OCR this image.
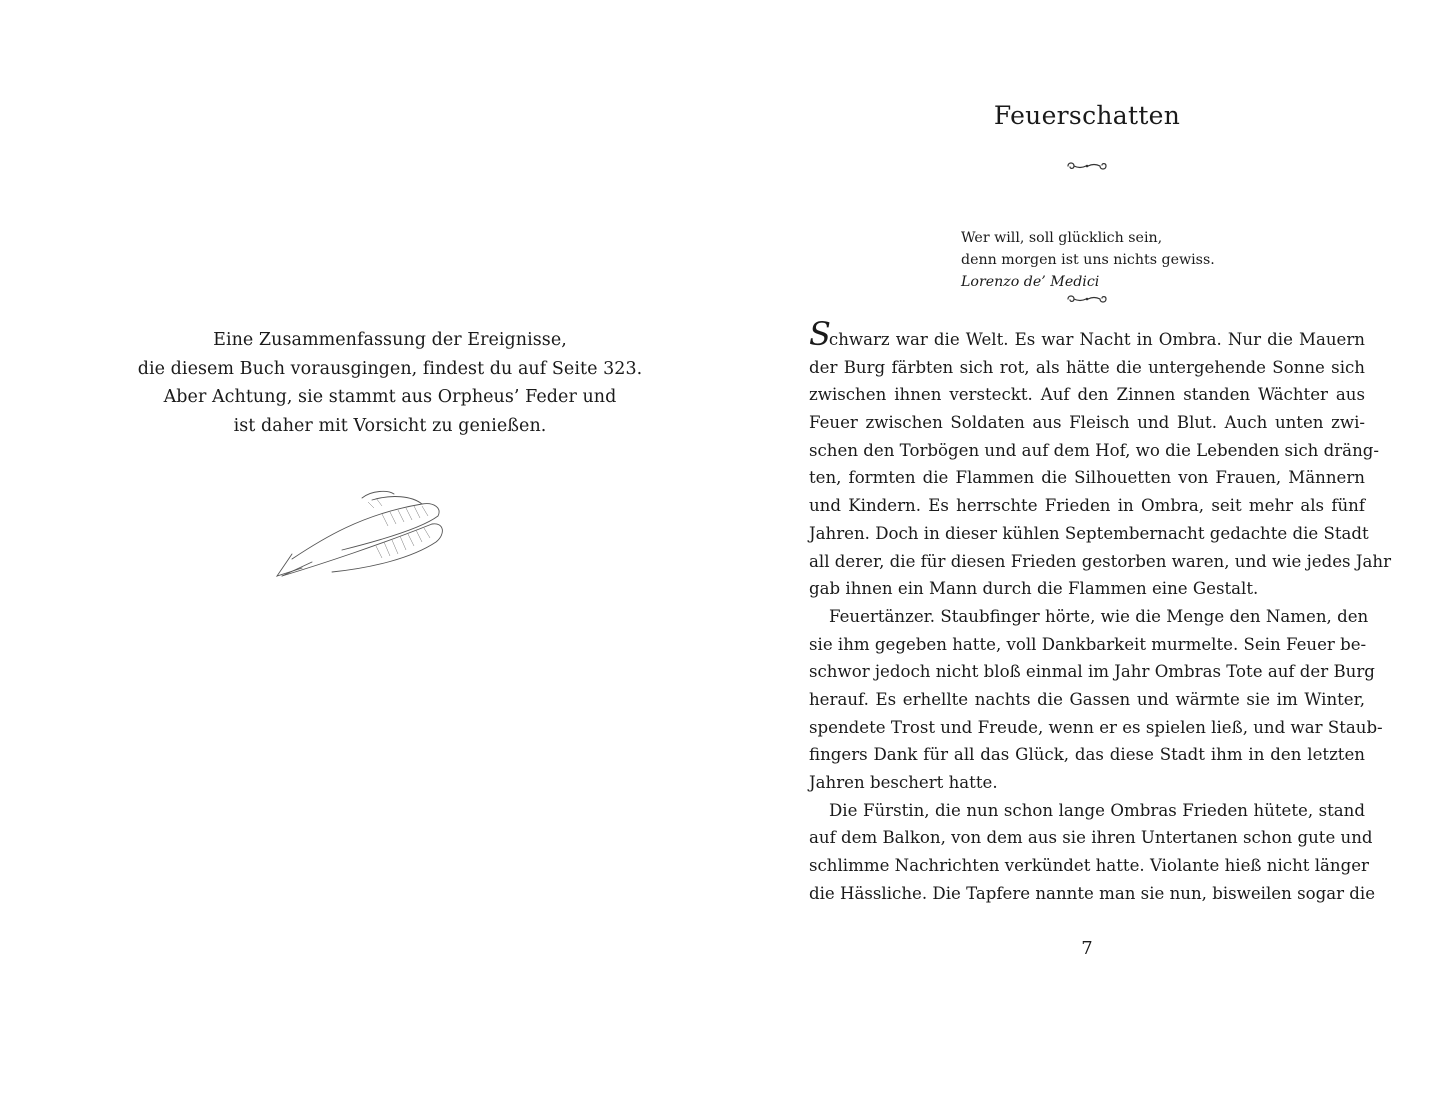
Eine Zusammenfassung der Ereignisse,
die diesem Buch vorausgingen, findest du auf Seite 323.
Aber Achtung, sie stammt aus Orpheus’ Feder und
ist daher mit Vorsicht zu genießen.
Feuerschatten
Wer will, soll glücklich sein,
denn morgen ist uns nichts gewiss.
Lorenzo de’ Medici
Schwarz war die Welt. Es war Nacht in Ombra. Nur die Mauern
der Burg färbten sich rot, als hätte die untergehende Sonne sich
zwischen ihnen versteckt. Auf den Zinnen standen Wächter aus
Feuer zwischen Soldaten aus Fleisch und Blut. Auch unten zwi-
schen den Torbögen und auf dem Hof, wo die Lebenden sich dräng-
ten, formten die Flammen die Silhouetten von Frauen, Männern
und Kindern. Es herrschte Frieden in Ombra, seit mehr als fünf
Jahren. Doch in dieser kühlen Septembernacht gedachte die Stadt
all derer, die für diesen Frieden gestorben waren, und wie jedes Jahr
gab ihnen ein Mann durch die Flammen eine Gestalt.
Feuertänzer. Staubfinger hörte, wie die Menge den Namen, den
sie ihm gegeben hatte, voll Dankbarkeit murmelte. Sein Feuer be-
schwor jedoch nicht bloß einmal im Jahr Ombras Tote auf der Burg
herauf. Es erhellte nachts die Gassen und wärmte sie im Winter,
spendete Trost und Freude, wenn er es spielen ließ, und war Staub-
fingers Dank für all das Glück, das diese Stadt ihm in den letzten
Jahren beschert hatte.
Die Fürstin, die nun schon lange Ombras Frieden hütete, stand
auf dem Balkon, von dem aus sie ihren Untertanen schon gute und
schlimme Nachrichten verkündet hatte. Violante hieß nicht länger
die Hässliche. Die Tapfere nannte man sie nun, bisweilen sogar die
7
